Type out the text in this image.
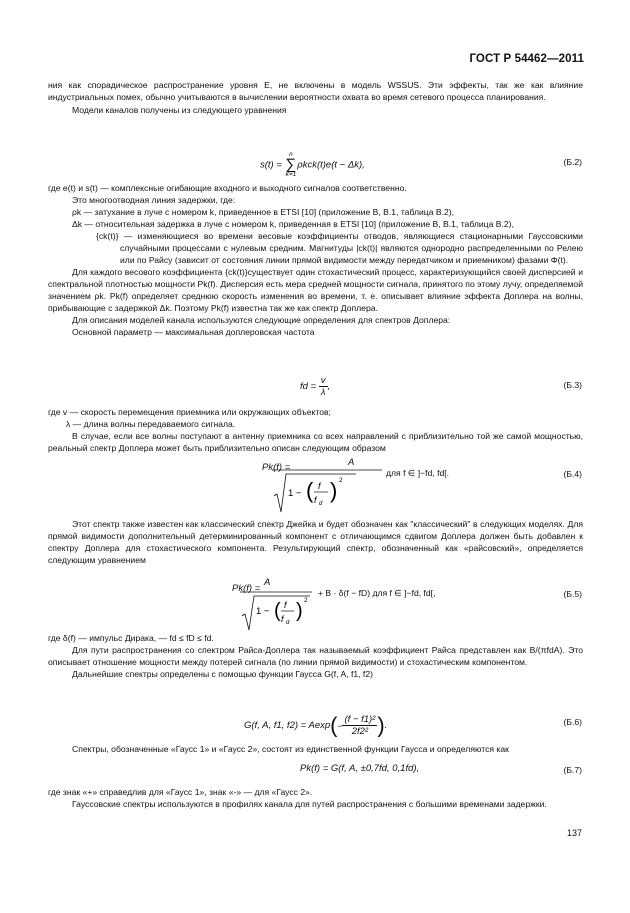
ГОСТ Р 54462—2011

ния как спорадическое распространение уровня Е, не включены в модель WSSUS. Эти эффекты, так же как влияние индустриальных помех, обычно учитываются в вычислении вероятности охвата во время сетевого процесса планирования.

Модели каналов получены из следующего уравнения

s(t) =
n
∑
k=1
ρkck(t)e(t − Δk),	(Б.2)

где e(t) и s(t) — комплексные огибающие входного и выходного сигналов соответственно.

Это многоотводная линия задержки, где:

ρk — затухание в луче с номером k, приведенное в ETSI [10] (приложение B, B.1, таблица B.2),

Δk — относительная задержка в луче с номером k, приведенная в ETSI [10] (приложение B, B.1, таблица B.2),

{ck(t)} — изменяющиеся во времени весовые коэффициенты отводов, являющиеся стационарными Гауссовскими случайными процессами с нулевым средним. Магнитуды |ck(t)| являются однородно распределенными по Релею или по Райсу (зависит от состояния линии прямой видимости между передатчиком и приемником) фазами Φ(t).

Для каждого весового коэффициента {ck(t)}существует один стохастический процесс, характеризующийся своей дисперсией и спектральной плотностью мощности Pk(f). Дисперсия есть мера средней мощности сигнала, принятого по этому лучу, определяемой значением ρk. Pk(f) определяет среднюю скорость изменения во времени, т. е. описывает влияние эффекта Доплера на волны, прибывающие с задержкой Δk. Поэтому Pk(f) известна так же как спектр Доплера.

Для описания моделей канала используются следующие определения для спектров Доплера:

Основной параметр — максимальная доплеровская частота

fd = $\frac{v}{\lambda}$ ,	(Б.3)

где v — скорость перемещения приемника или окружающих объектов;

λ — длина волны передаваемого сигнала.

В случае, если все волны поступают в антенну приемника со всех направлений с приблизительно той же самой мощностью, реальный спектр Доплера может быть приблизительно описан следующим образом

Pk(f) =	A
1 − ( f
f d
) 2
для f ∈ ]−fd, fd[.	(Б.4)

Этот спектр также известен как классический спектр Джейка и будет обозначен как "классический" в следующих моделях. Для прямой видимости дополнительный детерминированный компонент с отличающимся сдвигом Доплера должен быть добавлен к спектру Доплера для стохастического компонента. Результирующий спектр, обозначенный как «райсовский», определяется следующим уравнением

Pk(f) =
A
1 − ( f
f d
) 2
+ B · δ(f − fD) для f ∈ ]−fd, fd[,	(Б.5)

где δ(f) — импульс Дирака, — fd ≤ fD ≤ fd.

Для пути распространения со спектром Райса-Доплера так называемый коэффициент Райса представлен как B/(πfdA). Это описывает отношение мощности между потерей сигнала (по линии прямой видимости) и стохастическим компонентом.

Дальнейшие спектры определены с помощью функции Гаусса G(f, A, f1, f2)

G(f, A, f1, $f2) = Aexp(- \frac{\text{(f − f1)²}}{\text{2f2²}}$ ).	(Б.6)

Спектры, обозначенные «Гаусс 1» и «Гаусс 2», состоят из единственной функции Гаусса и определяются как

Pk(f) = G(f, A, ±0,7fd, 0,1fd),	(Б.7)

где знак «+» справедлив для «Гаусс 1», знак «-» — для «Гаусс 2».

Гауссовские спектры используются в профилях канала для путей распространения с большими временами задержки.

137
